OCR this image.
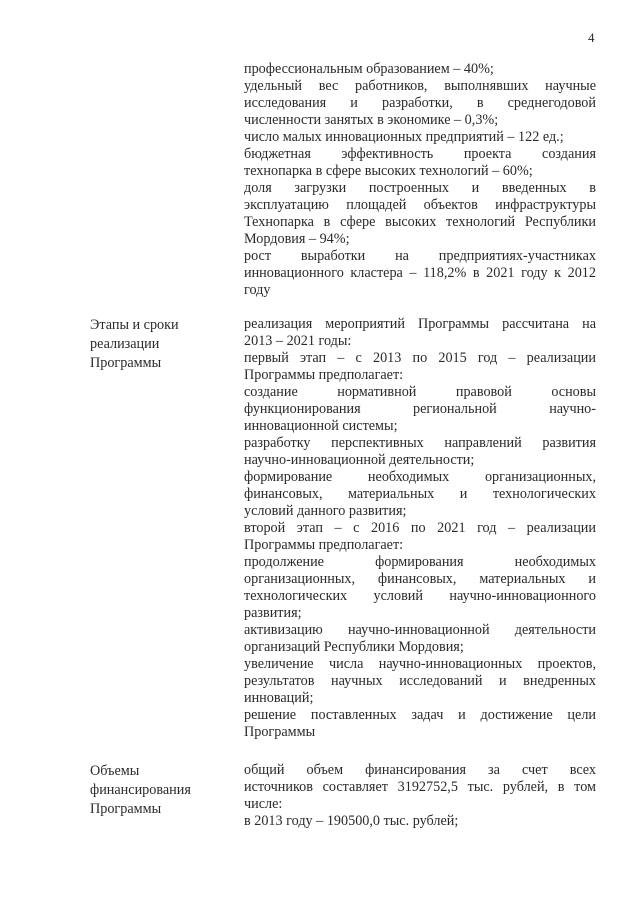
4
профессиональным образованием – 40%;
удельный вес работников, выполнявших научные
исследования и разработки, в среднегодовой
численности занятых в экономике – 0,3%;
число малых инновационных предприятий – 122 ед.;
бюджетная эффективность проекта создания
технопарка в сфере высоких технологий – 60%;
доля загрузки построенных и введенных в
эксплуатацию площадей объектов инфраструктуры
Технопарка в сфере высоких технологий Республики
Мордовия – 94%;
рост выработки на предприятиях-участниках
инновационного кластера – 118,2% в 2021 году к 2012
году
Этапы и сроки
реализации
Программы
реализация мероприятий Программы рассчитана на
2013 – 2021 годы:
первый этап – с 2013 по 2015 год – реализации
Программы предполагает:
создание нормативной правовой основы
функционирования региональной научно-
инновационной системы;
разработку перспективных направлений развития
научно-инновационной деятельности;
формирование необходимых организационных,
финансовых, материальных и технологических
условий данного развития;
второй этап – с 2016 по 2021 год – реализации
Программы предполагает:
продолжение формирования необходимых
организационных, финансовых, материальных и
технологических условий научно-инновационного
развития;
активизацию научно-инновационной деятельности
организаций Республики Мордовия;
увеличение числа научно-инновационных проектов,
результатов научных исследований и внедренных
инноваций;
решение поставленных задач и достижение цели
Программы
Объемы
финансирования
Программы
общий объем финансирования за счет всех
источников составляет 3192752,5 тыс. рублей, в том
числе:
в 2013 году – 190500,0 тыс. рублей;
